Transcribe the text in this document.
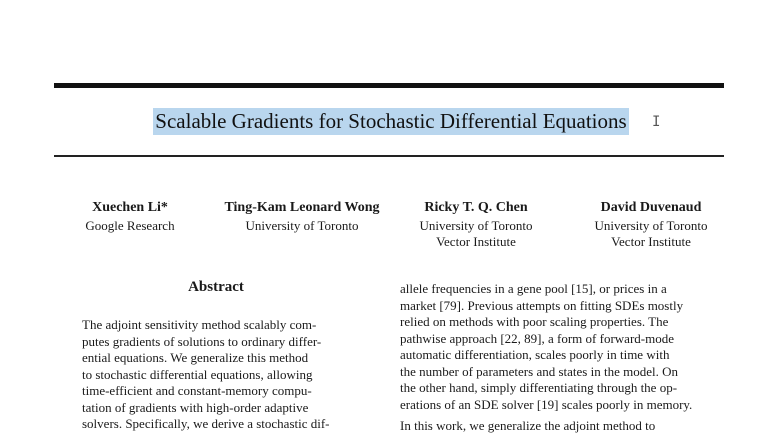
Scalable Gradients for Stochastic Differential Equations	I
Xuechen Li*
Google Research
Ting-Kam Leonard Wong
University of Toronto
Ricky T. Q. Chen
University of Toronto
Vector Institute
David Duvenaud
University of Toronto
Vector Institute
Abstract
The adjoint sensitivity method scalably com-
putes gradients of solutions to ordinary differ-
ential equations. We generalize this method
to stochastic differential equations, allowing
time-efficient and constant-memory compu-
tation of gradients with high-order adaptive
solvers. Specifically, we derive a stochastic dif-
allele frequencies in a gene pool [15], or prices in a
market [79]. Previous attempts on fitting SDEs mostly
relied on methods with poor scaling properties. The
pathwise approach [22, 89], a form of forward-mode
automatic differentiation, scales poorly in time with
the number of parameters and states in the model. On
the other hand, simply differentiating through the op-
erations of an SDE solver [19] scales poorly in memory.
In this work, we generalize the adjoint method to
